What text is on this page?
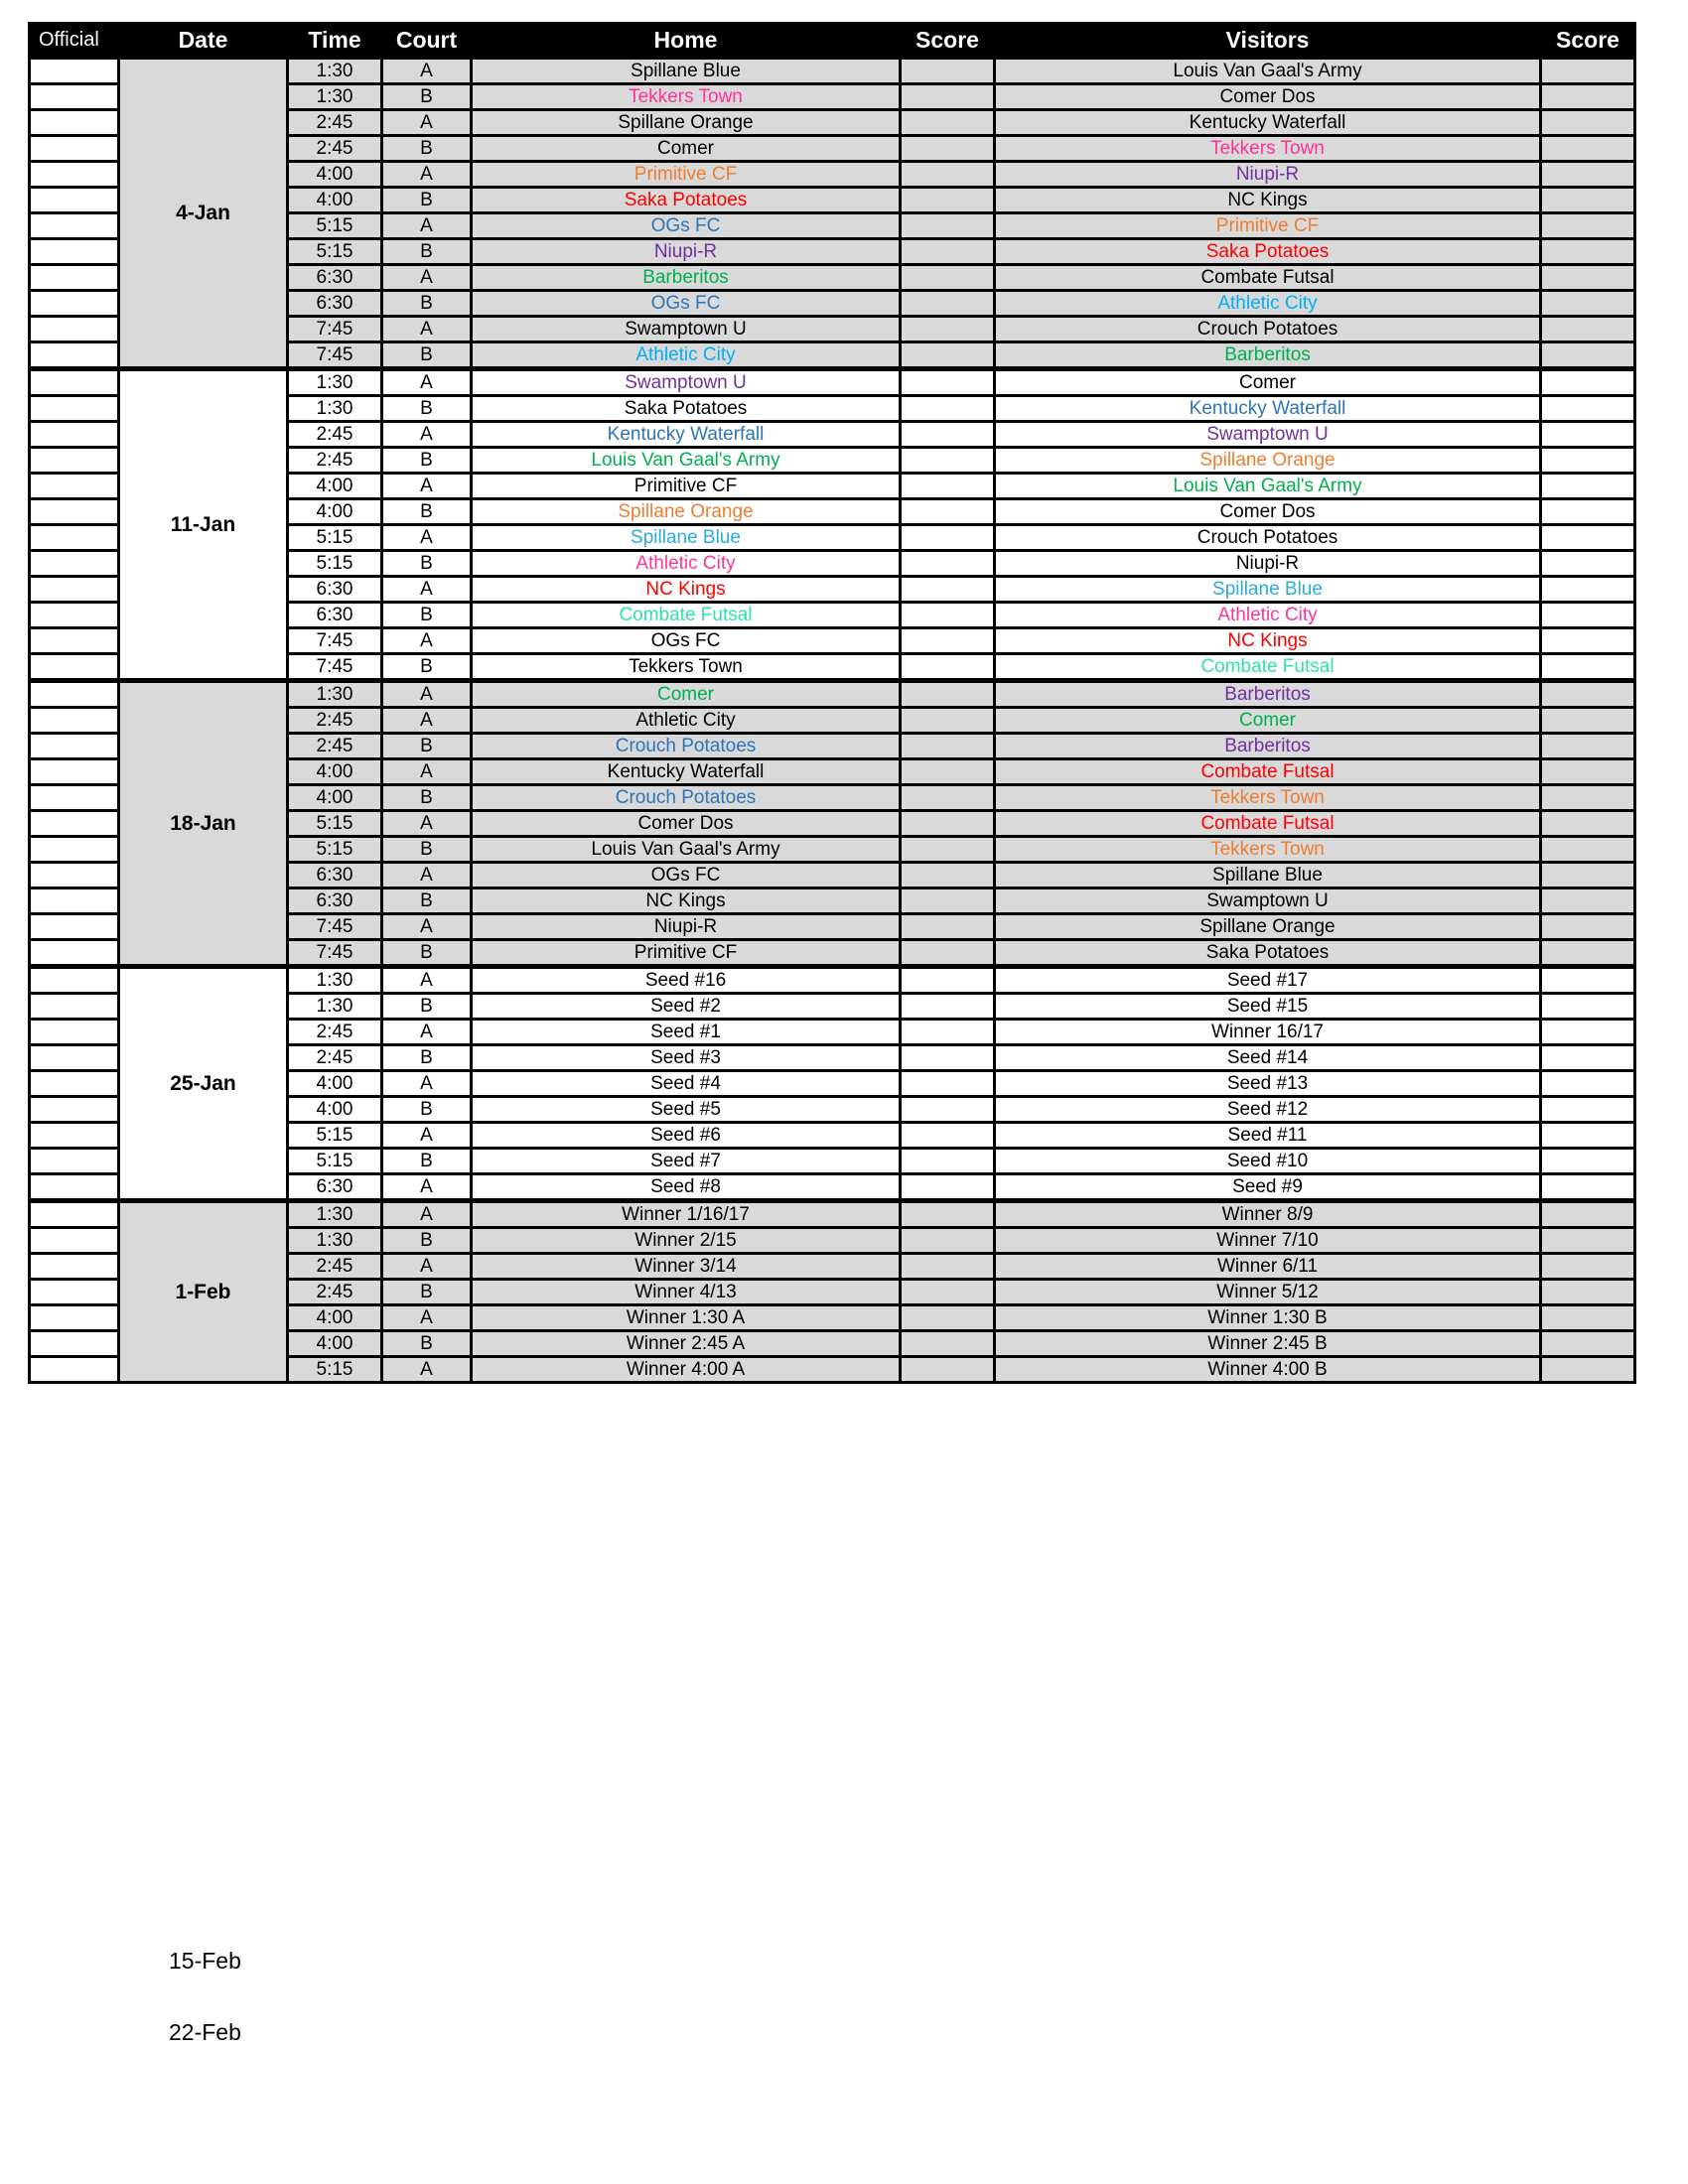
Official	Date	Time	Court	Home	Score	Visitors	Score
	4-Jan	1:30	A	Spillane Blue		Louis Van Gaal's Army	
		1:30	B	Tekkers Town		Comer Dos	
		2:45	A	Spillane Orange		Kentucky Waterfall	
		2:45	B	Comer		Tekkers Town	
		4:00	A	Primitive CF		Niupi-R	
		4:00	B	Saka Potatoes		NC Kings	
		5:15	A	OGs FC		Primitive CF	
		5:15	B	Niupi-R		Saka Potatoes	
		6:30	A	Barberitos		Combate Futsal	
		6:30	B	OGs FC		Athletic City	
		7:45	A	Swamptown U		Crouch Potatoes	
		7:45	B	Athletic City		Barberitos	
	11-Jan	1:30	A	Swamptown U		Comer	
		1:30	B	Saka Potatoes		Kentucky Waterfall	
		2:45	A	Kentucky Waterfall		Swamptown U	
		2:45	B	Louis Van Gaal's Army		Spillane Orange	
		4:00	A	Primitive CF		Louis Van Gaal's Army	
		4:00	B	Spillane Orange		Comer Dos	
		5:15	A	Spillane Blue		Crouch Potatoes	
		5:15	B	Athletic City		Niupi-R	
		6:30	A	NC Kings		Spillane Blue	
		6:30	B	Combate Futsal		Athletic City	
		7:45	A	OGs FC		NC Kings	
		7:45	B	Tekkers Town		Combate Futsal	
	18-Jan	1:30	A	Comer		Barberitos	
		2:45	A	Athletic City		Comer	
		2:45	B	Crouch Potatoes		Barberitos	
		4:00	A	Kentucky Waterfall		Combate Futsal	
		4:00	B	Crouch Potatoes		Tekkers Town	
		5:15	A	Comer Dos		Combate Futsal	
		5:15	B	Louis Van Gaal's Army		Tekkers Town	
		6:30	A	OGs FC		Spillane Blue	
		6:30	B	NC Kings		Swamptown U	
		7:45	A	Niupi-R		Spillane Orange	
		7:45	B	Primitive CF		Saka Potatoes	
	25-Jan	1:30	A	Seed #16		Seed #17	
		1:30	B	Seed #2		Seed #15	
		2:45	A	Seed #1		Winner 16/17	
		2:45	B	Seed #3		Seed #14	
		4:00	A	Seed #4		Seed #13	
		4:00	B	Seed #5		Seed #12	
		5:15	A	Seed #6		Seed #11	
		5:15	B	Seed #7		Seed #10	
		6:30	A	Seed #8		Seed #9	
	1-Feb	1:30	A	Winner 1/16/17		Winner 8/9	
		1:30	B	Winner 2/15		Winner 7/10	
		2:45	A	Winner 3/14		Winner 6/11	
		2:45	B	Winner 4/13		Winner 5/12	
		4:00	A	Winner 1:30 A		Winner 1:30 B	
		4:00	B	Winner 2:45 A		Winner 2:45 B	
		5:15	A	Winner 4:00 A		Winner 4:00 B	
15-Feb
22-Feb
